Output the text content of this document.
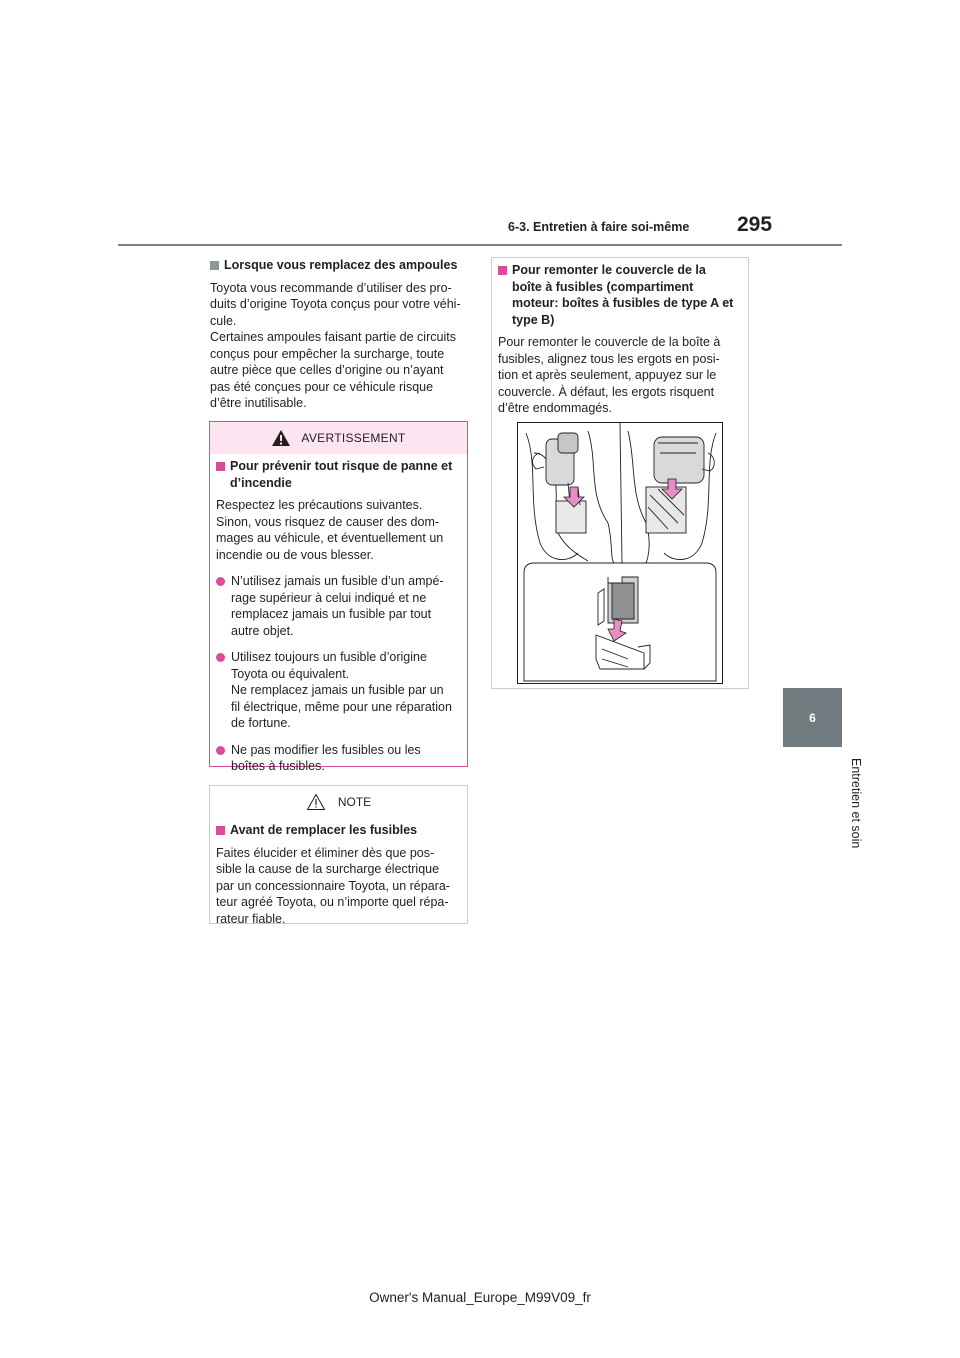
6-3. Entretien à faire soi-même 295
6
Entretien et soin
Lorsque vous remplacez des ampoules

Toyota vous recommande d’utiliser des pro-
duits d’origine Toyota conçus pour votre véhi-
cule.

Certaines ampoules faisant partie de circuits
conçus pour empêcher la surcharge, toute
autre pièce que celles d’origine ou n’ayant
pas été conçues pour ce véhicule risque
d’être inutilisable.

AVERTISSEMENT
Pour prévenir tout risque de panne et
d’incendie

Respectez les précautions suivantes.
Sinon, vous risquez de causer des dom-
mages au véhicule, et éventuellement un
incendie ou de vous blesser.

N’utilisez jamais un fusible d’un ampé-
rage supérieur à celui indiqué et ne
remplacez jamais un fusible par tout
autre objet.

Utilisez toujours un fusible d’origine
Toyota ou équivalent.
Ne remplacez jamais un fusible par un
fil électrique, même pour une réparation
de fortune.

Ne pas modifier les fusibles ou les
boîtes à fusibles.

NOTE
Avant de remplacer les fusibles

Faites élucider et éliminer dès que pos-
sible la cause de la surcharge électrique
par un concessionnaire Toyota, un répara-
teur agréé Toyota, ou n’importe quel répa-
rateur fiable.

Pour remonter le couvercle de la
boîte à fusibles (compartiment
moteur: boîtes à fusibles de type A et
type B)

Pour remonter le couvercle de la boîte à
fusibles, alignez tous les ergots en posi-
tion et après seulement, appuyez sur le
couvercle. À défaut, les ergots risquent
d’être endommagés.

Owner's Manual_Europe_M99V09_fr
